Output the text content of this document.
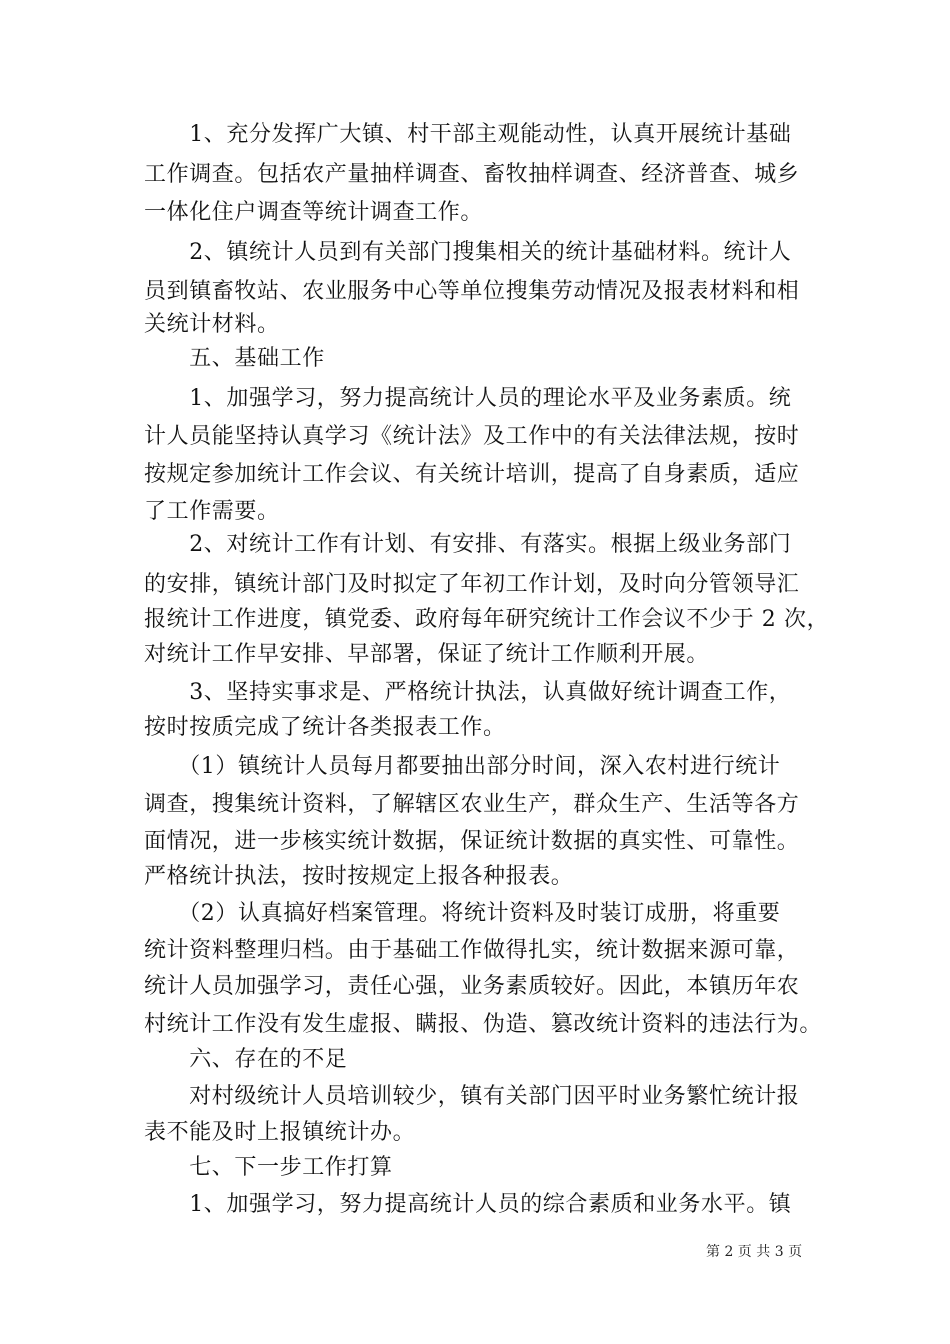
　　1、充分发挥广大镇、村干部主观能动性，认真开展统计基础
工作调查。包括农产量抽样调查、畜牧抽样调查、经济普查、城乡
一体化住户调查等统计调查工作。
　　2、镇统计人员到有关部门搜集相关的统计基础材料。统计人
员到镇畜牧站、农业服务中心等单位搜集劳动情况及报表材料和相
关统计材料。
　　五、基础工作
　　1、加强学习，努力提高统计人员的理论水平及业务素质。统
计人员能坚持认真学习《统计法》及工作中的有关法律法规，按时
按规定参加统计工作会议、有关统计培训，提高了自身素质，适应
了工作需要。
　　2、对统计工作有计划、有安排、有落实。根据上级业务部门
的安排，镇统计部门及时拟定了年初工作计划，及时向分管领导汇
报统计工作进度，镇党委、政府每年研究统计工作会议不少于 2 次，
对统计工作早安排、早部署，保证了统计工作顺利开展。
　　3、坚持实事求是、严格统计执法，认真做好统计调查工作，
按时按质完成了统计各类报表工作。
　　（1）镇统计人员每月都要抽出部分时间，深入农村进行统计
调查，搜集统计资料，了解辖区农业生产，群众生产、生活等各方
面情况，进一步核实统计数据，保证统计数据的真实性、可靠性。
严格统计执法，按时按规定上报各种报表。
　　（2）认真搞好档案管理。将统计资料及时装订成册，将重要
统计资料整理归档。由于基础工作做得扎实，统计数据来源可靠，
统计人员加强学习，责任心强，业务素质较好。因此，本镇历年农
村统计工作没有发生虚报、瞒报、伪造、篡改统计资料的违法行为。
　　六、存在的不足
　　对村级统计人员培训较少，镇有关部门因平时业务繁忙统计报
表不能及时上报镇统计办。
　　七、下一步工作打算
　　1、加强学习，努力提高统计人员的综合素质和业务水平。镇
第 2 页 共 3 页
